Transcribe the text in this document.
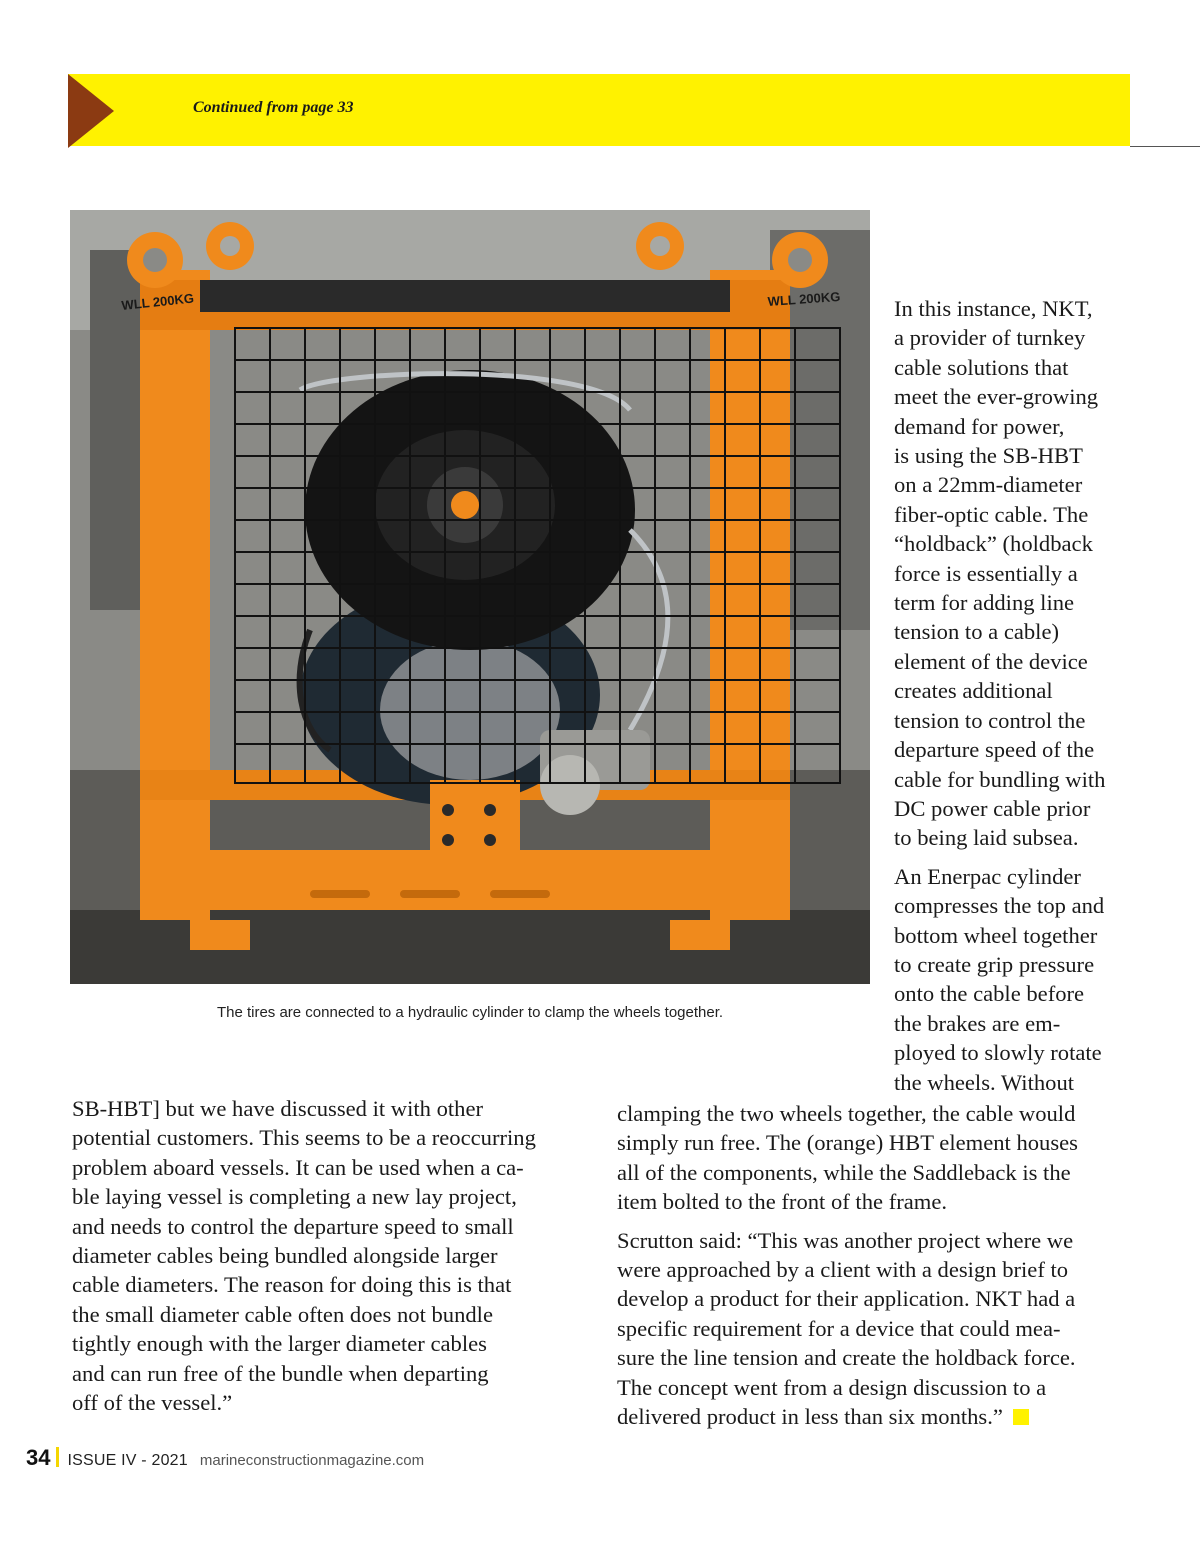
Continued from page 33
WLL 200KG	WLL 200KG
The tires are connected to a hydraulic cylinder to clamp the wheels together.

In this instance, NKT,
a provider of turnkey
cable solutions that
meet the ever-growing
demand for power,
is using the SB-HBT
on a 22mm-diameter
fiber-optic cable. The
“holdback” (holdback
force is essentially a
term for adding line
tension to a cable)
element of the device
creates additional
tension to control the
departure speed of the
cable for bundling with
DC power cable prior
to being laid subsea.

An Enerpac cylinder
compresses the top and
bottom wheel together
to create grip pressure
onto the cable before
the brakes are em-
ployed to slowly rotate
the wheels. Without

SB-HBT] but we have discussed it with other
potential customers. This seems to be a reoccurring
problem aboard vessels. It can be used when a ca-
ble laying vessel is completing a new lay project,
and needs to control the departure speed to small
diameter cables being bundled alongside larger
cable diameters. The reason for doing this is that
the small diameter cable often does not bundle
tightly enough with the larger diameter cables
and can run free of the bundle when departing
off of the vessel.”

clamping the two wheels together, the cable would
simply run free. The (orange) HBT element houses
all of the components, while the Saddleback is the
item bolted to the front of the frame.

Scrutton said: “This was another project where we
were approached by a client with a design brief to
develop a product for their application. NKT had a
specific requirement for a device that could mea-
sure the line tension and create the holdback force.
The concept went from a design discussion to a
delivered product in less than six months.”

34 ISSUE IV - 2021 marineconstructionmagazine.com
